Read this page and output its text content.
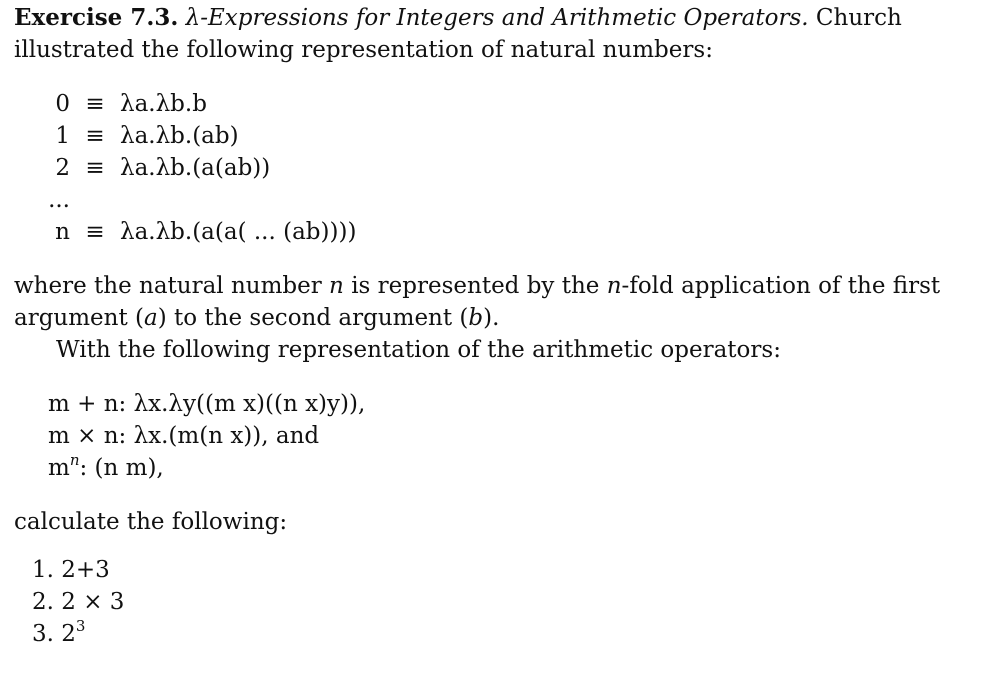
Exercise 7.3. λ-Expressions for Integers and Arithmetic Operators. Church illustrated the following representation of natural numbers:

0	≡	λa.λb.b
1	≡	λa.λb.(ab)
2	≡	λa.λb.(a(ab))
...		
n	≡	λa.λb.(a(a( ... (ab))))

where the natural number n is represented by the n-fold application of the first argument (a) to the second argument (b).

With the following representation of the arithmetic operators:

m + n: λx.λy((m x)((n x)y)),
m × n: λx.(m(n x)), and
$m^n$: (n m),

calculate the following:

1. 2+3
2. 2 × 3
3. $2^3$
